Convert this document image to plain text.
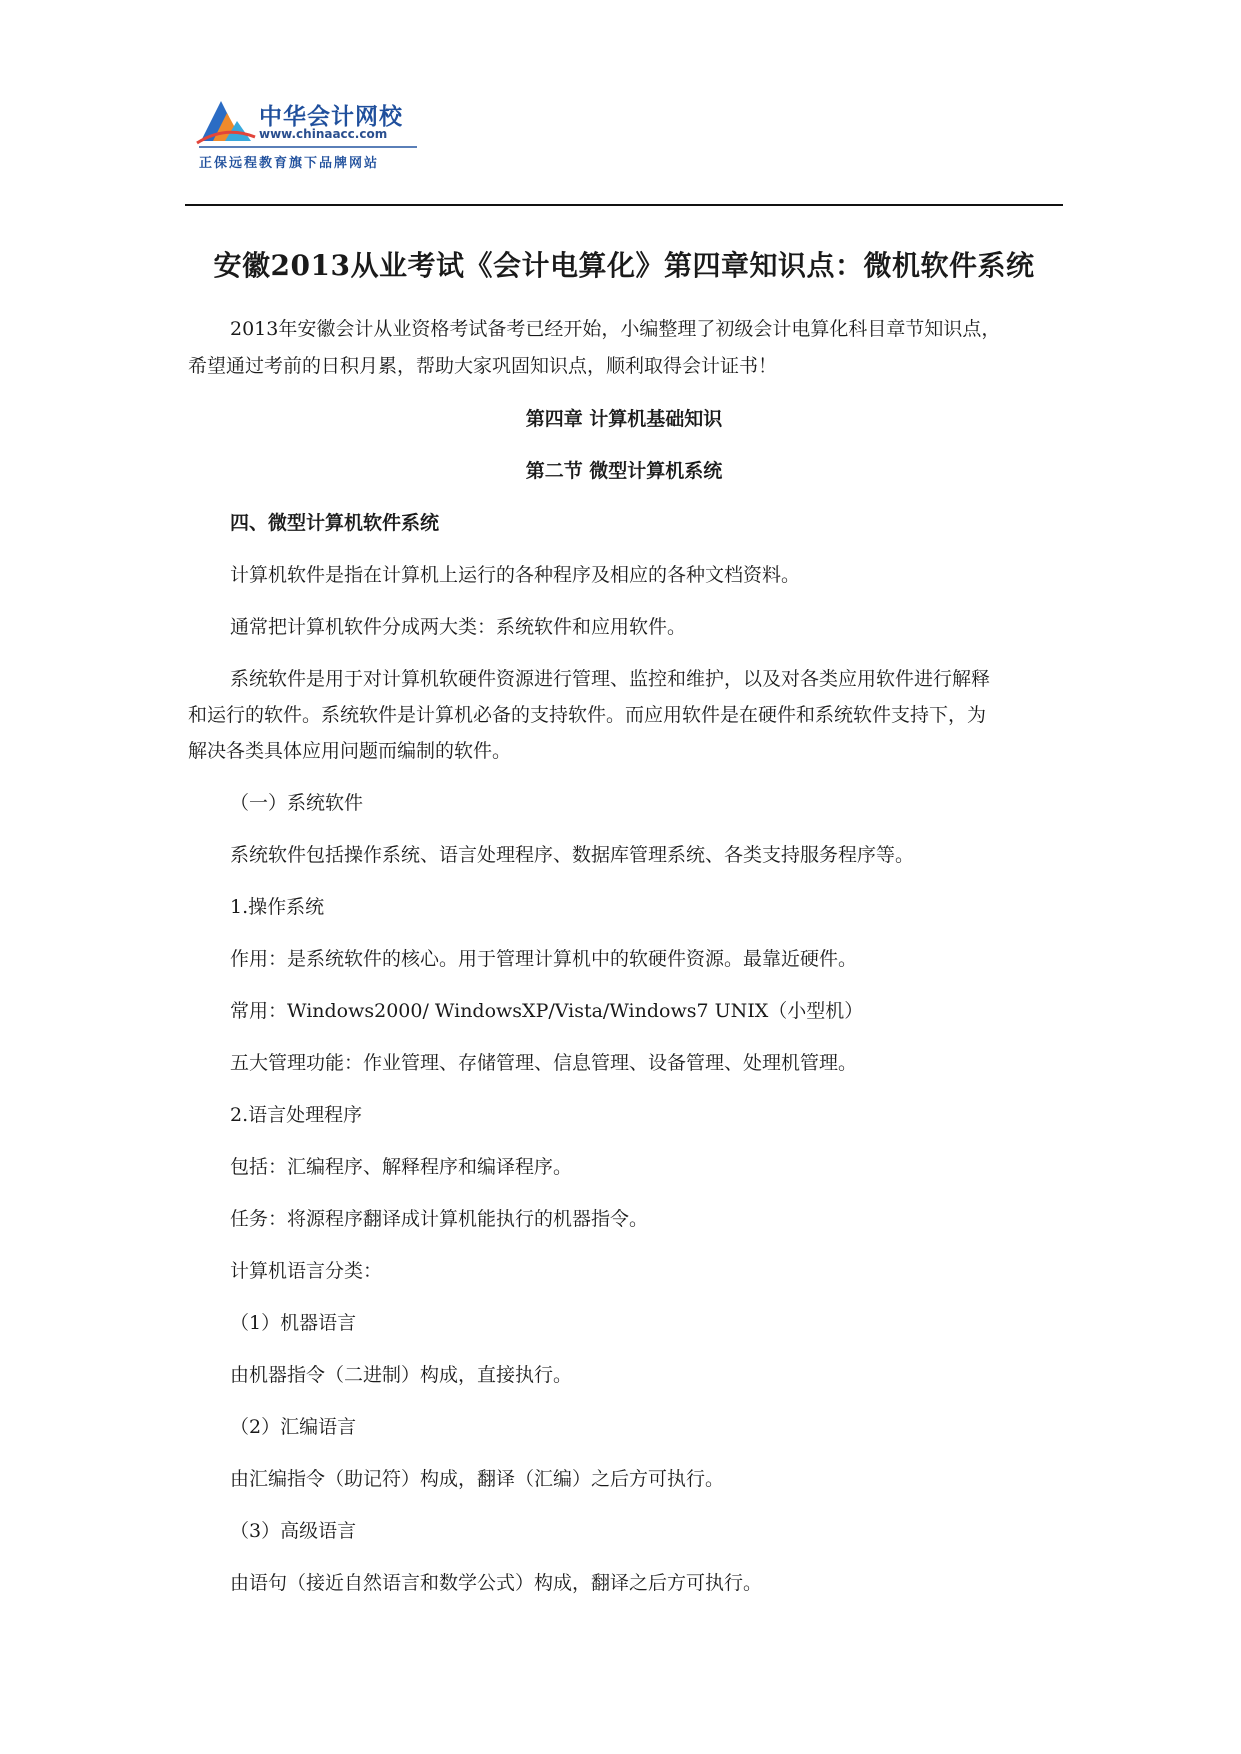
中华会计网校
www.chinaacc.com
正保远程教育旗下品牌网站
安徽2013从业考试《会计电算化》第四章知识点：微机软件系统
2013年安徽会计从业资格考试备考已经开始，小编整理了初级会计电算化科目章节知识点，
希望通过考前的日积月累，帮助大家巩固知识点，顺利取得会计证书！
第四章 计算机基础知识
第二节 微型计算机系统
四、微型计算机软件系统
计算机软件是指在计算机上运行的各种程序及相应的各种文档资料。
通常把计算机软件分成两大类：系统软件和应用软件。
系统软件是用于对计算机软硬件资源进行管理、监控和维护，以及对各类应用软件进行解释
和运行的软件。系统软件是计算机必备的支持软件。而应用软件是在硬件和系统软件支持下，为
解决各类具体应用问题而编制的软件。
（一）系统软件
系统软件包括操作系统、语言处理程序、数据库管理系统、各类支持服务程序等。
1.操作系统
作用：是系统软件的核心。用于管理计算机中的软硬件资源。最靠近硬件。
常用：Windows2000/ WindowsXP/Vista/Windows7 UNIX（小型机）
五大管理功能：作业管理、存储管理、信息管理、设备管理、处理机管理。
2.语言处理程序
包括：汇编程序、解释程序和编译程序。
任务：将源程序翻译成计算机能执行的机器指令。
计算机语言分类：
（1）机器语言
由机器指令（二进制）构成，直接执行。
（2）汇编语言
由汇编指令（助记符）构成，翻译（汇编）之后方可执行。
（3）高级语言
由语句（接近自然语言和数学公式）构成，翻译之后方可执行。
